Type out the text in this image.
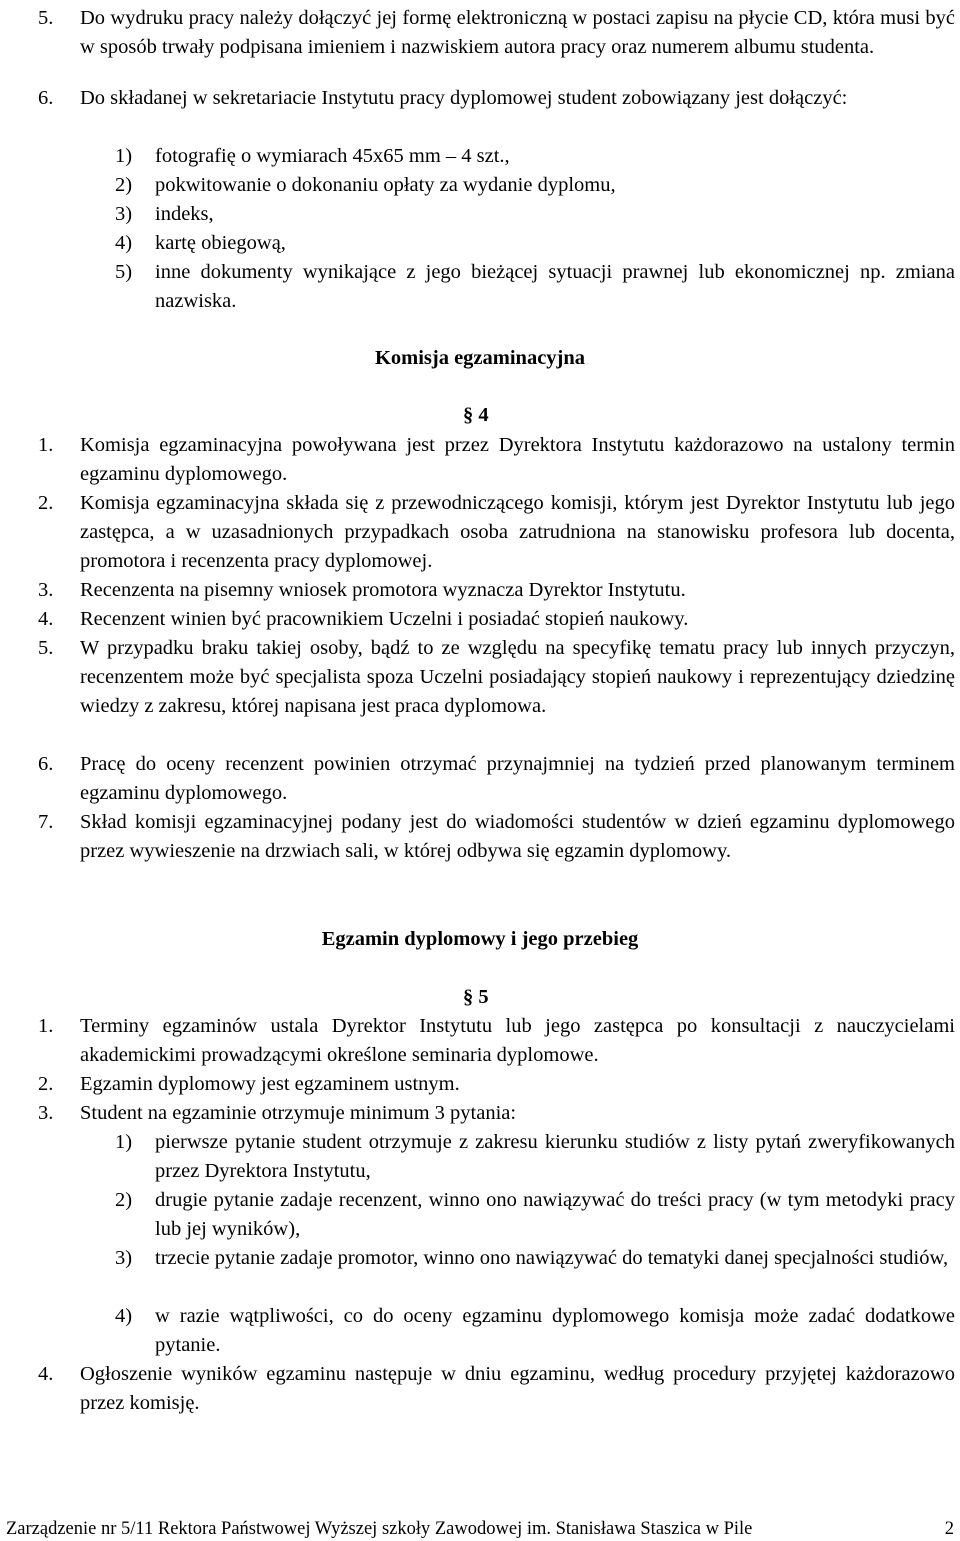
5.	Do wydruku pracy należy dołączyć jej formę elektroniczną w postaci zapisu na płycie CD, która musi być w sposób trwały podpisana imieniem i nazwiskiem autora pracy oraz numerem albumu studenta.
6.	Do składanej w sekretariacie Instytutu pracy dyplomowej student zobowiązany jest dołączyć:
1)	fotografię o wymiarach 45x65 mm – 4 szt.,
2)	pokwitowanie o dokonaniu opłaty za wydanie dyplomu,
3)	indeks,
4)	kartę obiegową,
5)	inne dokumenty wynikające z jego bieżącej sytuacji prawnej lub ekonomicznej np. zmiana nazwiska.
Komisja egzaminacyjna
§ 4
1.	Komisja egzaminacyjna powoływana jest przez Dyrektora Instytutu każdorazowo na ustalony termin egzaminu dyplomowego.
2.	Komisja egzaminacyjna składa się z przewodniczącego komisji, którym jest Dyrektor Instytutu lub jego zastępca, a w uzasadnionych przypadkach osoba zatrudniona na stanowisku profesora lub docenta, promotora i recenzenta pracy dyplomowej.
3.	Recenzenta na pisemny wniosek promotora wyznacza Dyrektor Instytutu.
4.	Recenzent winien być pracownikiem Uczelni i posiadać stopień naukowy.
5.	W przypadku braku takiej osoby, bądź to ze względu na specyfikę tematu pracy lub innych przyczyn, recenzentem może być specjalista spoza Uczelni posiadający stopień naukowy i reprezentujący dziedzinę wiedzy z zakresu, której napisana jest praca dyplomowa.
6.	Pracę do oceny recenzent powinien otrzymać przynajmniej na tydzień przed planowanym terminem egzaminu dyplomowego.
7.	Skład komisji egzaminacyjnej podany jest do wiadomości studentów w dzień egzaminu dyplomowego przez wywieszenie na drzwiach sali, w której odbywa się egzamin dyplomowy.
Egzamin dyplomowy i jego przebieg
§ 5
1.	Terminy egzaminów ustala Dyrektor Instytutu lub jego zastępca po konsultacji z nauczycielami akademickimi prowadzącymi określone seminaria dyplomowe.
2.	Egzamin dyplomowy jest egzaminem ustnym.
3.	Student na egzaminie otrzymuje minimum 3 pytania:
1)	pierwsze pytanie student otrzymuje z zakresu kierunku studiów z listy pytań zweryfikowanych przez Dyrektora Instytutu,
2)	drugie pytanie zadaje recenzent, winno ono nawiązywać do treści pracy (w tym metodyki pracy lub jej wyników),
3)	trzecie pytanie zadaje promotor, winno ono nawiązywać do tematyki danej specjalności studiów,
4)	w razie wątpliwości, co do oceny egzaminu dyplomowego komisja może zadać dodatkowe pytanie.
4.	Ogłoszenie wyników egzaminu następuje w dniu egzaminu, według procedury przyjętej każdorazowo przez komisję.
Zarządzenie nr 5/11 Rektora Państwowej Wyższej szkoły Zawodowej im. Stanisława Staszica w Pile	2
